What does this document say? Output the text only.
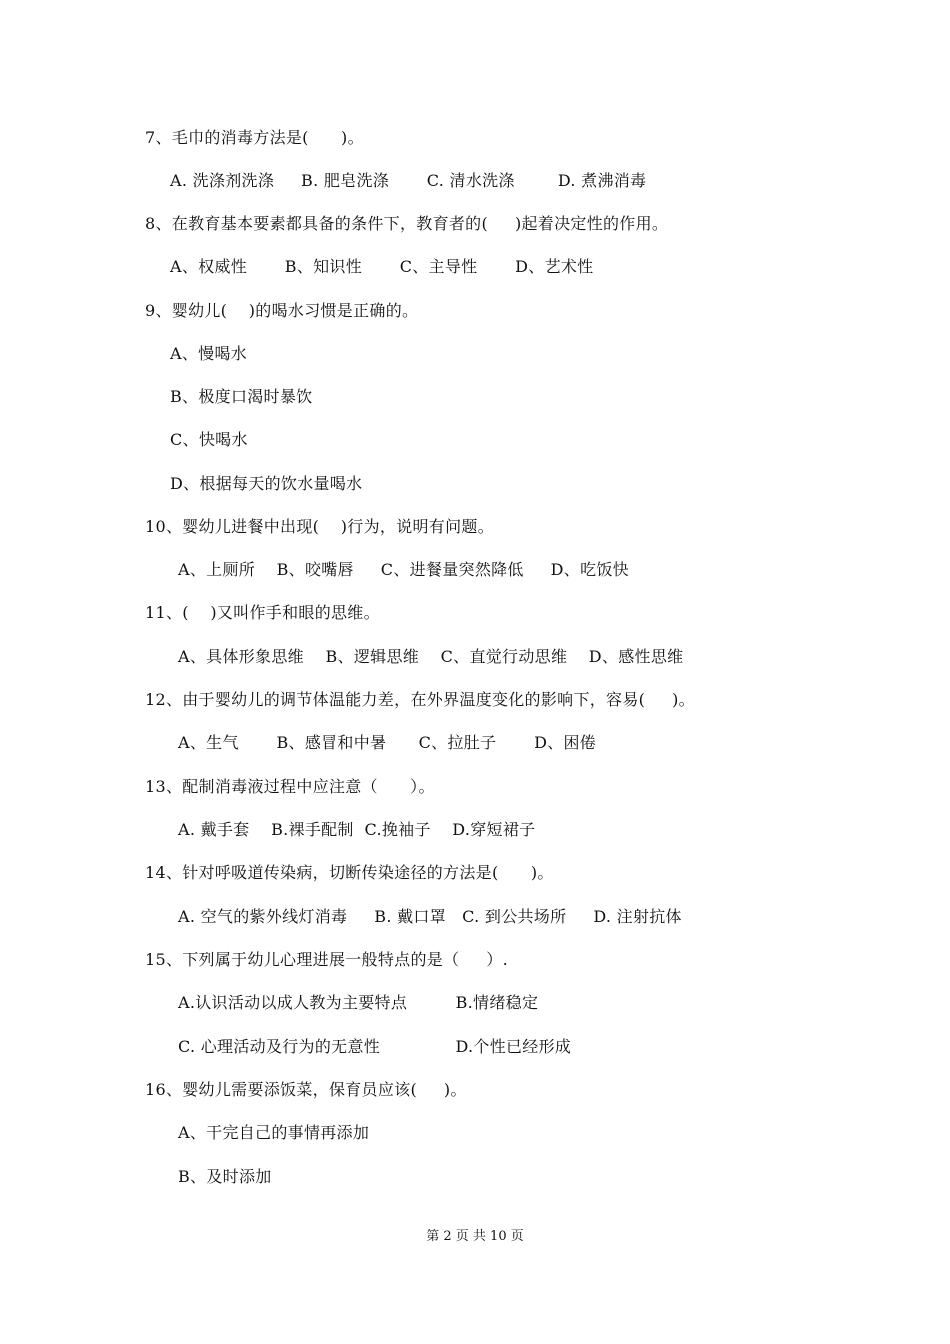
7、毛巾的消毒方法是(      )。
A. 洗涤剂洗涤     B. 肥皂洗涤       C. 清水洗涤        D. 煮沸消毒
8、在教育基本要素都具备的条件下，教育者的(     )起着决定性的作用。
A、权威性       B、知识性       C、主导性       D、艺术性
9、婴幼儿(    )的喝水习惯是正确的。
A、慢喝水
B、极度口渴时暴饮
C、快喝水
D、根据每天的饮水量喝水
10、婴幼儿进餐中出现(    )行为，说明有问题。
A、上厕所    B、咬嘴唇     C、进餐量突然降低     D、吃饭快
11、(    )又叫作手和眼的思维。
A、具体形象思维    B、逻辑思维    C、直觉行动思维    D、感性思维
12、由于婴幼儿的调节体温能力差，在外界温度变化的影响下，容易(     )。
A、生气       B、感冒和中暑      C、拉肚子       D、困倦
13、配制消毒液过程中应注意（      ）。
A. 戴手套    B.裸手配制  C.挽袖子    D.穿短裙子
14、针对呼吸道传染病，切断传染途径的方法是(      )。
A. 空气的紫外线灯消毒     B. 戴口罩   C. 到公共场所     D. 注射抗体
15、下列属于幼儿心理进展一般特点的是（     ）.
A.认识活动以成人教为主要特点         B.情绪稳定
C. 心理活动及行为的无意性              D.个性已经形成
16、婴幼儿需要添饭菜，保育员应该(     )。
A、干完自己的事情再添加
B、及时添加
第 2 页 共 10 页
